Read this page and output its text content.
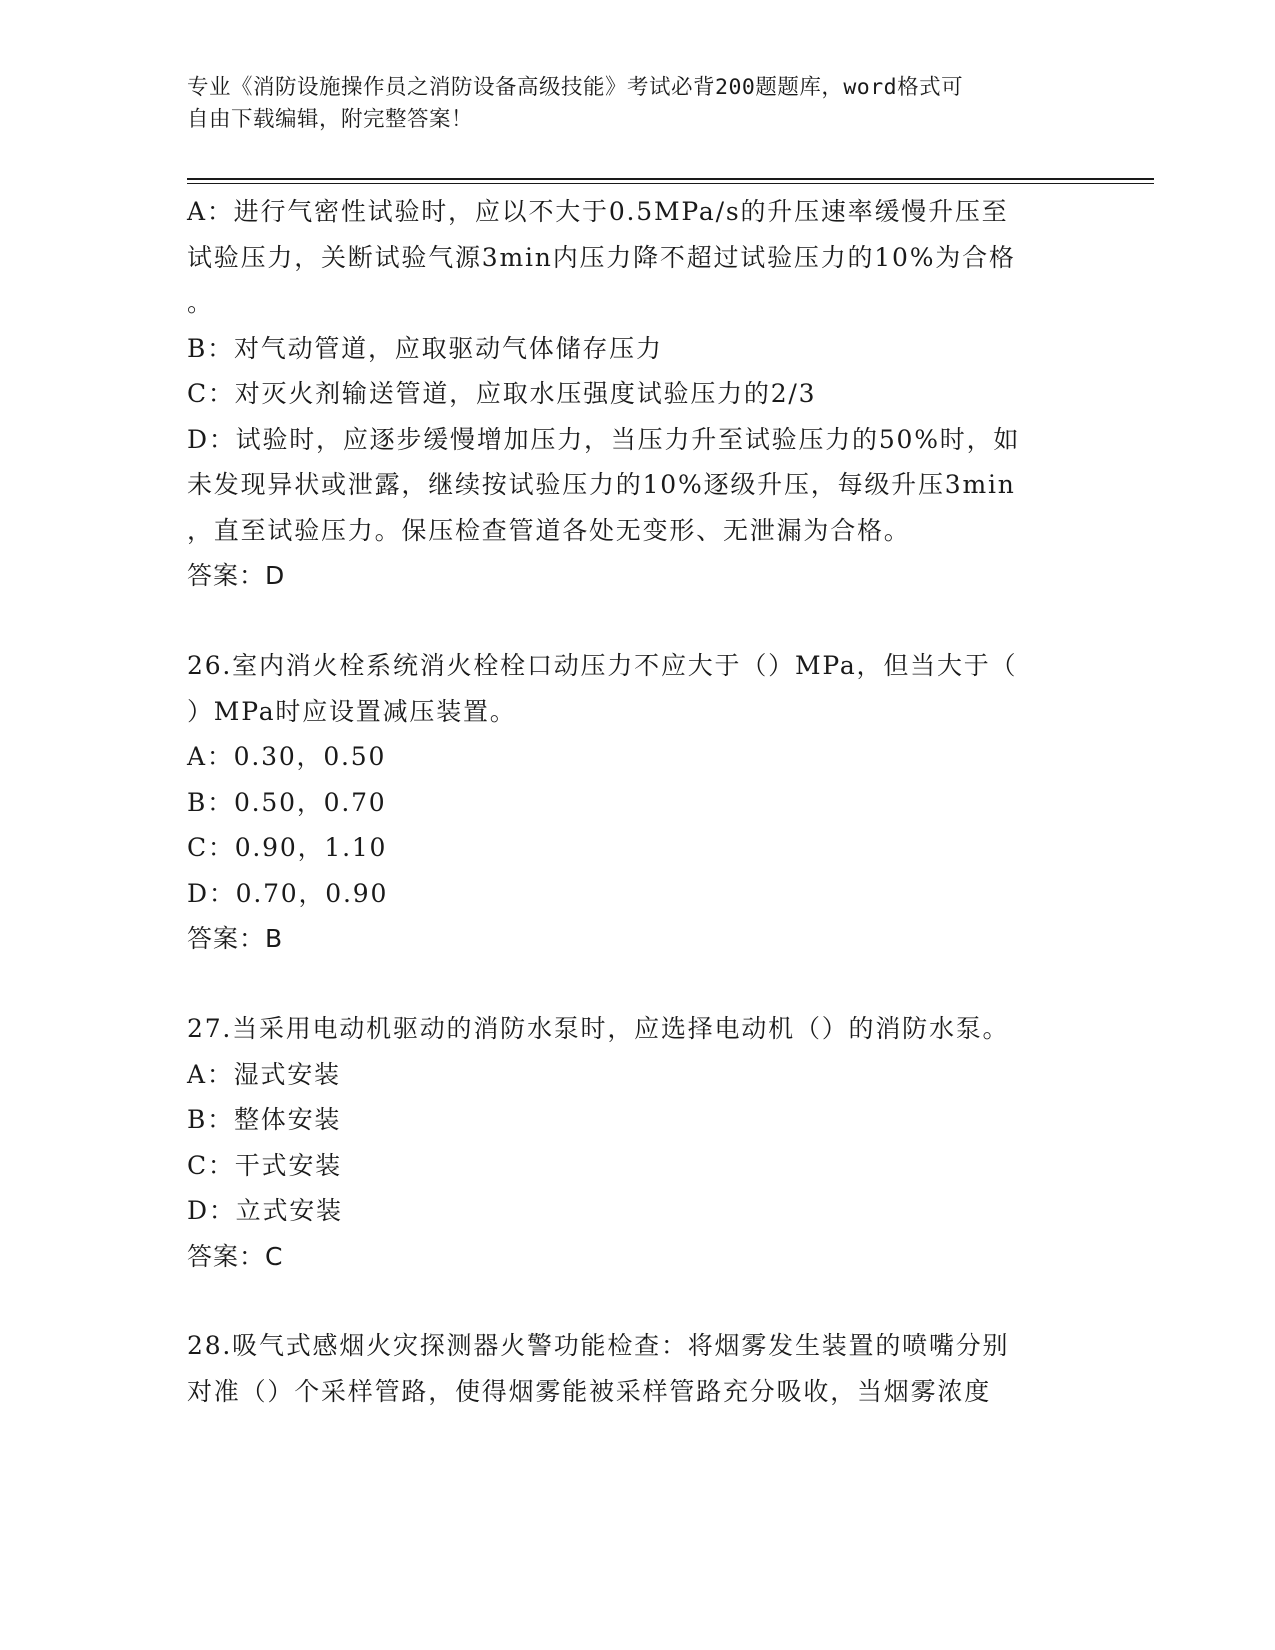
专业《消防设施操作员之消防设备高级技能》考试必背200题题库，word格式可
自由下载编辑，附完整答案！
A：进行气密性试验时，应以不大于0.5MPa/s的升压速率缓慢升压至
试验压力，关断试验气源3min内压力降不超过试验压力的10%为合格
。
B：对气动管道，应取驱动气体储存压力
C：对灭火剂输送管道，应取水压强度试验压力的2/3
D：试验时，应逐步缓慢增加压力，当压力升至试验压力的50%时，如
未发现异状或泄露，继续按试验压力的10%逐级升压，每级升压3min
，直至试验压力。保压检查管道各处无变形、无泄漏为合格。
答案：D
26.室内消火栓系统消火栓栓口动压力不应大于（）MPa，但当大于（
）MPa时应设置减压装置。
A：0.30，0.50
B：0.50，0.70
C：0.90，1.10
D：0.70，0.90
答案：B
27.当采用电动机驱动的消防水泵时，应选择电动机（）的消防水泵。
A：湿式安装
B：整体安装
C：干式安装
D：立式安装
答案：C
28.吸气式感烟火灾探测器火警功能检查：将烟雾发生装置的喷嘴分别
对准（）个采样管路，使得烟雾能被采样管路充分吸收，当烟雾浓度
